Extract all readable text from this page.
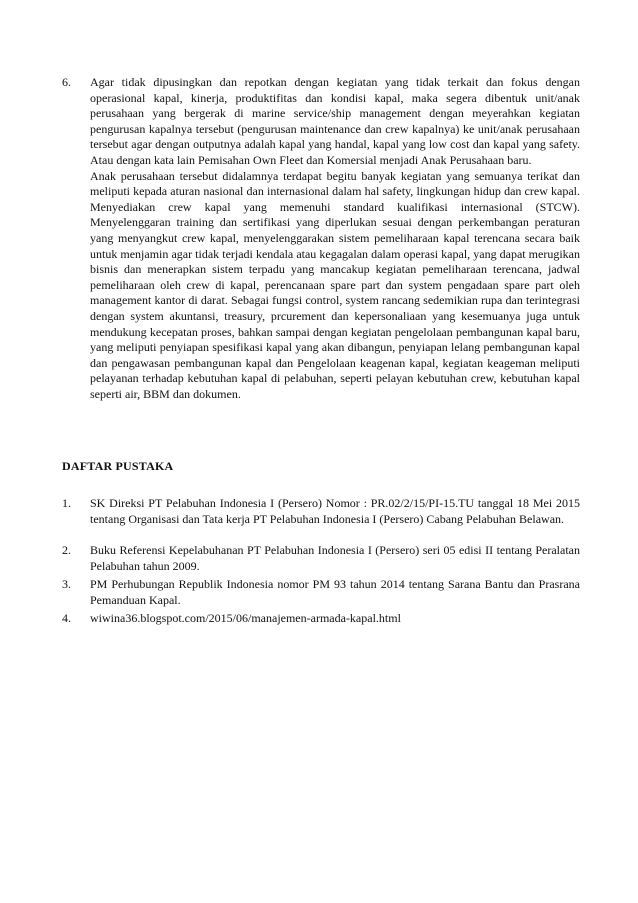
6.	Agar tidak dipusingkan dan repotkan dengan kegiatan yang tidak terkait dan fokus dengan operasional kapal, kinerja, produktifitas dan kondisi kapal, maka segera dibentuk unit/anak perusahaan yang bergerak di marine service/ship management dengan meyerahkan kegiatan pengurusan kapalnya tersebut (pengurusan maintenance dan crew kapalnya) ke unit/anak perusahaan tersebut agar dengan outputnya adalah kapal yang handal, kapal yang low cost dan kapal yang safety. Atau dengan kata lain Pemisahan Own Fleet dan Komersial menjadi Anak Perusahaan baru.

Anak perusahaan tersebut didalamnya terdapat begitu banyak kegiatan yang semuanya terikat dan meliputi kepada aturan nasional dan internasional dalam hal safety, lingkungan hidup dan crew kapal. Menyediakan crew kapal yang memenuhi standard kualifikasi internasional (STCW). Menyelenggaran training dan sertifikasi yang diperlukan sesuai dengan perkembangan peraturan yang menyangkut crew kapal, menyelenggarakan sistem pemeliharaan kapal terencana secara baik untuk menjamin agar tidak terjadi kendala atau kegagalan dalam operasi kapal, yang dapat merugikan bisnis dan menerapkan sistem terpadu yang mancakup kegiatan pemeliharaan terencana, jadwal pemeliharaan oleh crew di kapal, perencanaan spare part dan system pengadaan spare part oleh management kantor di darat. Sebagai fungsi control, system rancang sedemikian rupa dan terintegrasi dengan system akuntansi, treasury, prcurement dan kepersonaliaan yang kesemuanya juga untuk mendukung kecepatan proses, bahkan sampai dengan kegiatan pengelolaan pembangunan kapal baru, yang meliputi penyiapan spesifikasi kapal yang akan dibangun, penyiapan lelang pembangunan kapal dan pengawasan pembangunan kapal dan Pengelolaan keagenan kapal, kegiatan keageman meliputi pelayanan terhadap kebutuhan kapal di pelabuhan, seperti pelayan kebutuhan crew, kebutuhan kapal seperti air, BBM dan dokumen.

DAFTAR PUSTAKA
1.	SK Direksi PT Pelabuhan Indonesia I (Persero) Nomor : PR.02/2/15/PI-15.TU tanggal 18 Mei 2015 tentang Organisasi dan Tata kerja PT Pelabuhan Indonesia I (Persero) Cabang Pelabuhan Belawan.
2.	Buku Referensi Kepelabuhanan PT Pelabuhan Indonesia I (Persero) seri 05 edisi II tentang Peralatan Pelabuhan tahun 2009.
3.	PM Perhubungan Republik Indonesia nomor PM 93 tahun 2014 tentang Sarana Bantu dan Prasrana Pemanduan Kapal.
4.	wiwina36.blogspot.com/2015/06/manajemen-armada-kapal.html
